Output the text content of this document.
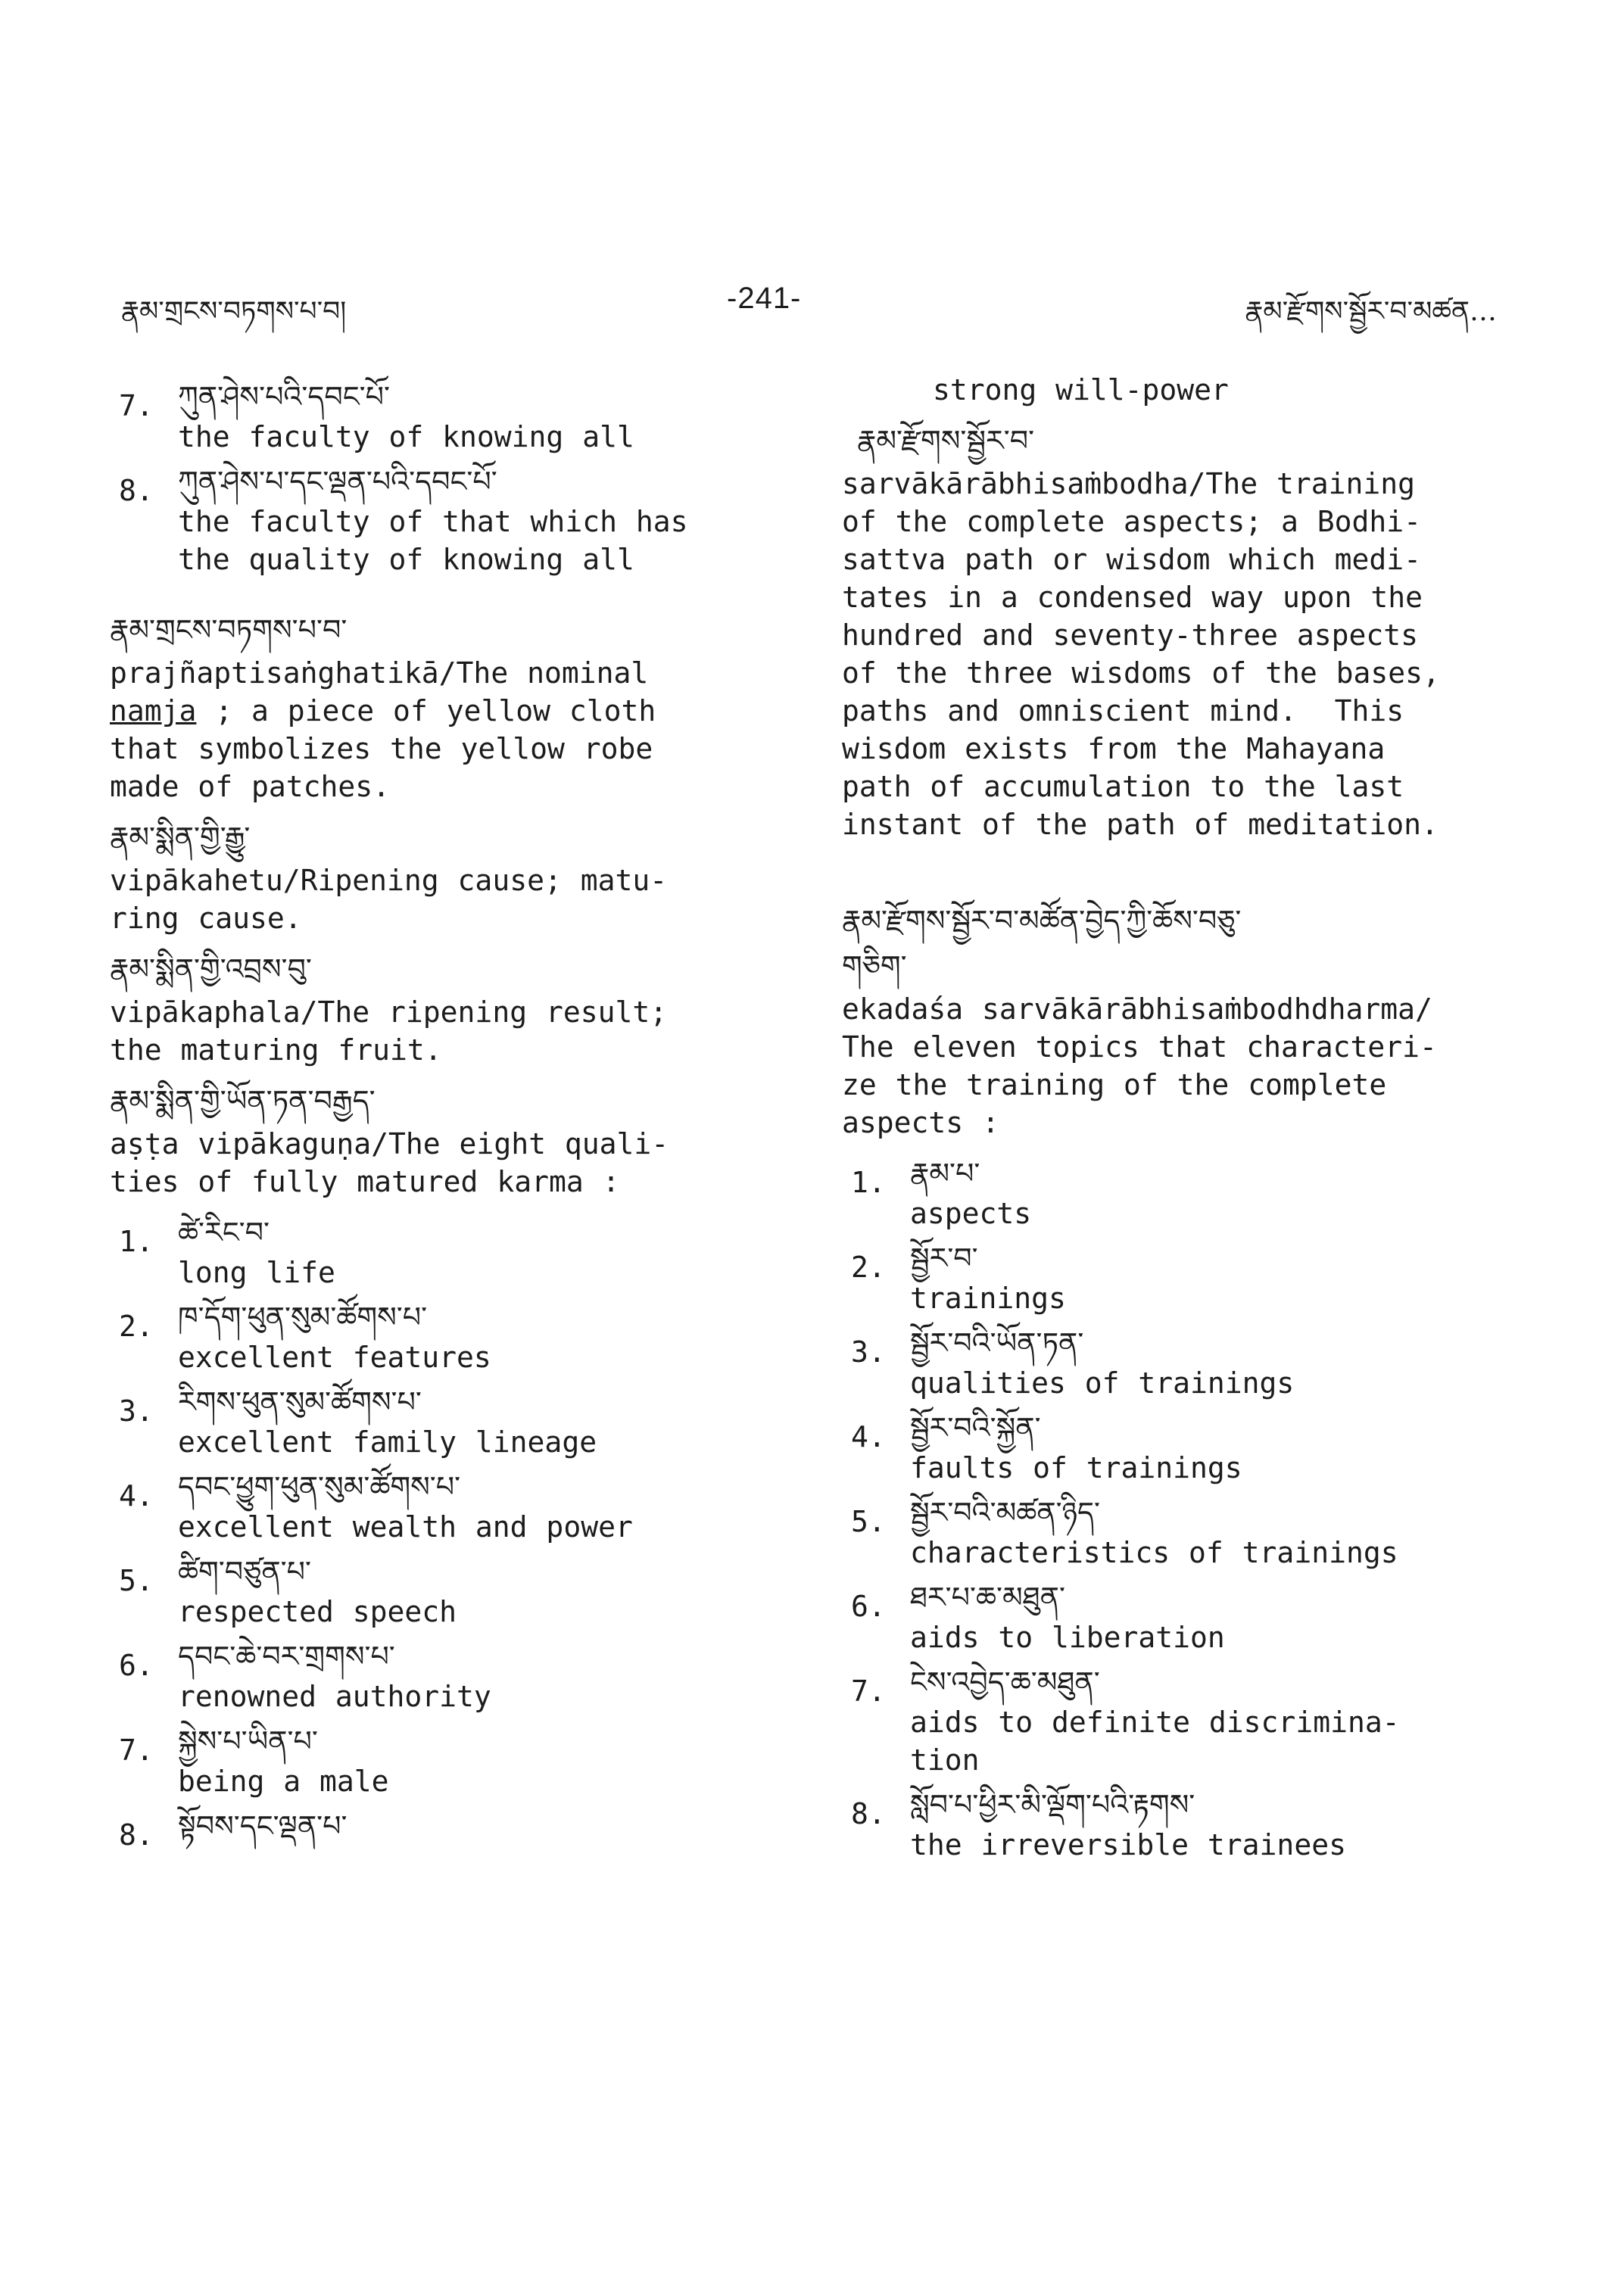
རྣམ་གྲངས་བཏགས་པ་བ།	-241-	རྣམ་རྫོགས་སྦྱོར་བ་མཚན…
7. ཀུན་ཤེས་པའི་དབང་པོ་
the faculty of knowing all
8. ཀུན་ཤེས་པ་དང་ལྡན་པའི་དབང་པོ་
the faculty of that which has
the quality of knowing all
རྣམ་གྲངས་བཏགས་པ་བ་
prajñaptisaṅghatikā/The nominal
namja ; a piece of yellow cloth
that symbolizes the yellow robe
made of patches.
རྣམ་སྨིན་གྱི་རྒྱུ་
vipākahetu/Ripening cause; matu-
ring cause.
རྣམ་སྨིན་གྱི་འབྲས་བུ་
vipākaphala/The ripening result;
the maturing fruit.
རྣམ་སྨིན་གྱི་ཡོན་ཏན་བརྒྱད་
aṣṭa vipākaguṇa/The eight quali-
ties of fully matured karma :
1. ཚེ་རིང་བ་
long life
2. ཁ་དོག་ཕུན་སུམ་ཚོགས་པ་
excellent features
3. རིགས་ཕུན་སུམ་ཚོགས་པ་
excellent family lineage
4. དབང་ཕྱུག་ཕུན་སུམ་ཚོགས་པ་
excellent wealth and power
5. ཚིག་བཙུན་པ་
respected speech
6. དབང་ཆེ་བར་གྲགས་པ་
renowned authority
7. སྐྱེས་པ་ཡིན་པ་
being a male
8. སྟོབས་དང་ལྡན་པ་
strong will-power
རྣམ་རྫོགས་སྦྱོར་བ་
sarvākārābhisaṁbodha/The training
of the complete aspects; a Bodhi-
sattva path or wisdom which medi-
tates in a condensed way upon the
hundred and seventy-three aspects
of the three wisdoms of the bases,
paths and omniscient mind.  This
wisdom exists from the Mahayana
path of accumulation to the last
instant of the path of meditation.
རྣམ་རྫོགས་སྦྱོར་བ་མཚོན་བྱེད་ཀྱི་ཆོས་བཅུ་
གཅིག་
ekadaśa sarvākārābhisaṁbodhdharma/
The eleven topics that characteri-
ze the training of the complete
aspects :
1. རྣམ་པ་
aspects
2. སྦྱོར་བ་
trainings
3. སྦྱོར་བའི་ཡོན་ཏན་
qualities of trainings
4. སྦྱོར་བའི་སྐྱོན་
faults of trainings
5. སྦྱོར་བའི་མཚན་ཉིད་
characteristics of trainings
6. ཐར་པ་ཆ་མཐུན་
aids to liberation
7. ངེས་འབྱེད་ཆ་མཐུན་
aids to definite discrimina-
tion
8. སློབ་པ་ཕྱིར་མི་ལྡོག་པའི་རྟགས་
the irreversible trainees
